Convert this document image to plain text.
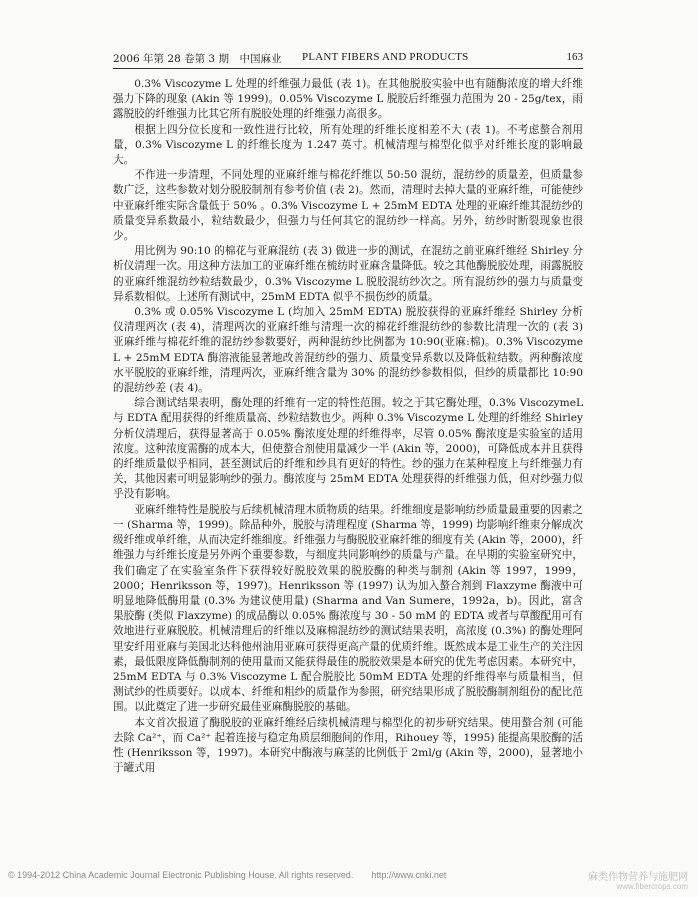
2006 年第 28 卷第 3 期　中国麻业 PLANT FIBERS AND PRODUCTS	163

0.3% Viscozyme L 处理的纤维强力最低 (表 1)。在其他脱胶实验中也有随酶浓度的增大纤维强力下降的现象 (Akin 等 1999)。0.05% Viscozyme L 脱胶后纤维强力范围为 20 - 25g/tex，雨露脱胶的纤维强力比其它所有脱胶处理的纤维强力高很多。

根据上四分位长度和一致性进行比较，所有处理的纤维长度相差不大 (表 1)。不考虑螯合剂用量，0.3% Viscozyme L 的纤维长度为 1.247 英寸。机械清理与棉型化似乎对纤维长度的影响最大。

不作进一步清理，不同处理的亚麻纤维与棉花纤维以 50:50 混纺，混纺纱的质量差，但质量参数广泛，这些参数对划分脱胶制剂有参考价值 (表 2)。然而，清理时去掉大量的亚麻纤维，可能使纱中亚麻纤维实际含量低于 50% 。0.3% Viscozyme L + 25mM EDTA 处理的亚麻纤维其混纺纱的质量变异系数最小，粒结数最少，但强力与任何其它的混纺纱一样高。另外，纺纱时断裂现象也很少。

用比例为 90:10 的棉花与亚麻混纺 (表 3) 做进一步的测试，在混纺之前亚麻纤维经 Shirley 分析仪清理一次。用这种方法加工的亚麻纤维在梳纺时亚麻含量降低。较之其他酶脱胶处理，雨露脱胶的亚麻纤维混纺纱粒结数最少，0.3% Viscozyme L 脱胶混纺纱次之。所有混纺纱的强力与质量变异系数相似。上述所有测试中，25mM EDTA 似乎不损伤纱的质量。

0.3% 或 0.05% Viscozyme L (均加入 25mM EDTA) 脱胶获得的亚麻纤维经 Shirley 分析仪清理两次 (表 4)，清理两次的亚麻纤维与清理一次的棉花纤维混纺纱的参数比清理一次的 (表 3) 亚麻纤维与棉花纤维的混纺纱参数要好，两种混纺纱比例都为 10:90(亚麻:棉)。0.3% Viscozyme L + 25mM EDTA 酶溶液能显著地改善混纺纱的强力、质量变异系数以及降低粒结数。两种酶浓度水平脱胶的亚麻纤维，清理两次，亚麻纤维含量为 30% 的混纺纱参数相似，但纱的质量都比 10:90 的混纺纱差 (表 4)。

综合测试结果表明，酶处理的纤维有一定的特性范围。较之于其它酶处理，0.3% ViscozymeL 与 EDTA 配用获得的纤维质量高、纱粒结数也少。两种 0.3% Viscozyme L 处理的纤维经 Shirley 分析仪清理后，获得显著高于 0.05% 酶浓度处理的纤维得率，尽管 0.05% 酶浓度是实验室的适用浓度。这种浓度需酶的成本大，但使螯合剂使用量减少一半 (Akin 等，2000)，可降低成本并且获得的纤维质量似乎相同，甚至测试后的纤维和纱具有更好的特性。纱的强力在某种程度上与纤维强力有关，其他因素可明显影响纱的强力。酶浓度与 25mM EDTA 处理获得的纤维强力低，但对纱强力似乎没有影响。

亚麻纤维特性是脱胶与后续机械清理木质物质的结果。纤维细度是影响纺纱质量最重要的因素之一 (Sharma 等，1999)。除品种外，脱胶与清理程度 (Sharma 等，1999) 均影响纤维束分解成次级纤维或单纤维，从而决定纤维细度。纤维强力与酶脱胶亚麻纤维的细度有关 (Akin 等，2000)，纤维强力与纤维长度是另外两个重要参数，与细度共同影响纱的质量与产量。在早期的实验室研究中，我们确定了在实验室条件下获得较好脱胶效果的脱胶酶的种类与制剂 (Akin 等 1997，1999，2000；Henriksson 等，1997)。Henriksson 等 (1997) 认为加入螯合剂到 Flaxzyme 酶液中可明显地降低酶用量 (0.3% 为建议使用量) (Sharma and Van Sumere，1992a，b)。因此，富含果胶酶 (类似 Flaxzyme) 的成品酶以 0.05% 酶浓度与 30 - 50 mM 的 EDTA 或者与草酸配用可有效地进行亚麻脱胶。机械清理后的纤维以及麻棉混纺纱的测试结果表明，高浓度 (0.3%) 的酶处理阿里安纤用亚麻与美国北达科他州油用亚麻可获得更高产量的优质纤维。既然成本是工业生产的关注因素，最低限度降低酶制剂的使用量而又能获得最佳的脱胶效果是本研究的优先考虑因素。本研究中，25mM EDTA 与 0.3% Viscozyme L 配合脱胶比 50mM EDTA 处理的纤维得率与质量相当，但测试纱的性质要好。以成本、纤维和粗纱的质量作为参照，研究结果形成了脱胶酶制剂组份的配比范围。以此奠定了进一步研究最佳亚麻酶脱胶的基础。

本文首次报道了酶脱胶的亚麻纤维经后续机械清理与棉型化的初步研究结果。使用螯合剂 (可能去除 Ca²⁺，而 Ca²⁺ 起着连接与稳定角质层细胞间的作用，Rihouey 等，1995) 能提高果胶酶的活性 (Henriksson 等，1997)。本研究中酶液与麻茎的比例低于 2ml/g (Akin 等，2000)，显著地小于罐式用

© 1994-2012 China Academic Journal Electronic Publishing House. All rights reserved.　　http://www.cnki.net	麻类作物营养与施肥网
www.fibercrops.com
